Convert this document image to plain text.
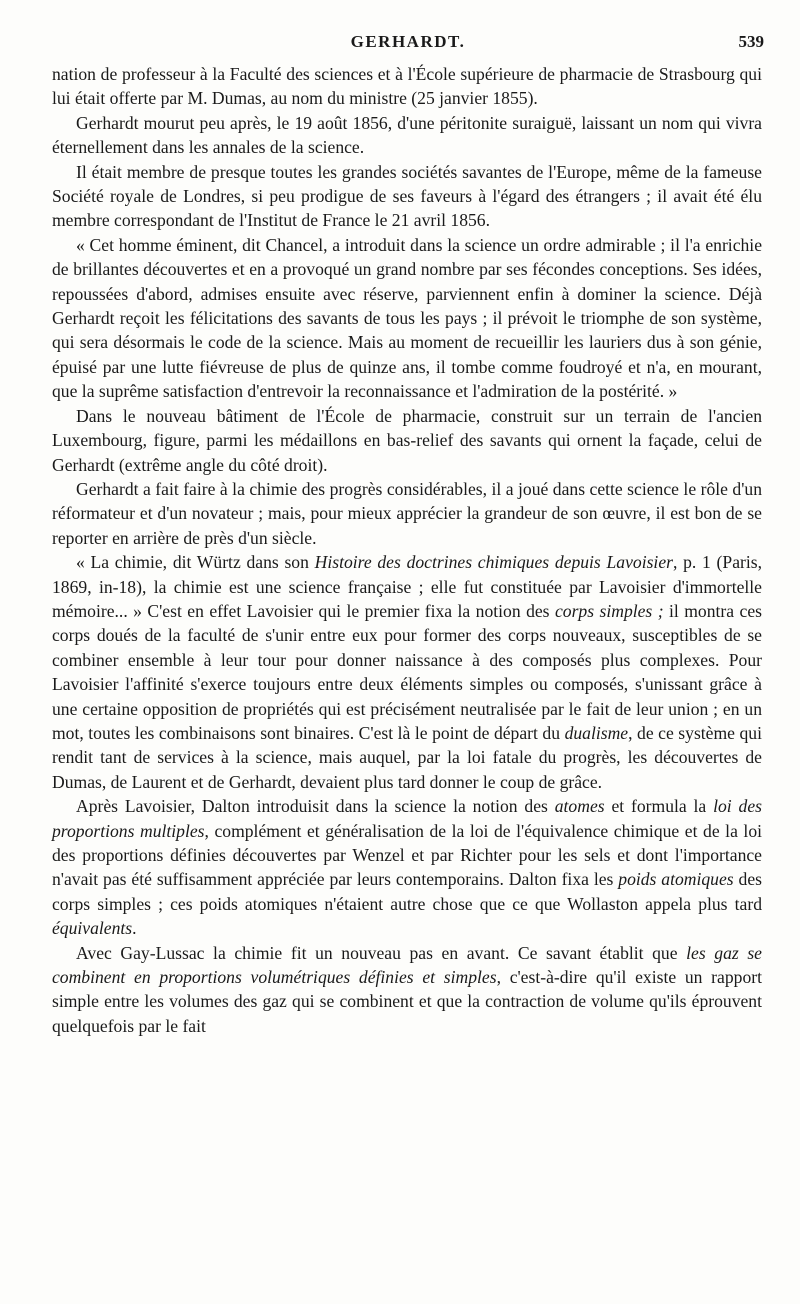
GERHARDT.	539

nation de professeur à la Faculté des sciences et à l'École supérieure de pharmacie de Strasbourg qui lui était offerte par M. Dumas, au nom du ministre (25 janvier 1855).

Gerhardt mourut peu après, le 19 août 1856, d'une péritonite suraiguë, laissant un nom qui vivra éternellement dans les annales de la science.

Il était membre de presque toutes les grandes sociétés savantes de l'Europe, même de la fameuse Société royale de Londres, si peu prodigue de ses faveurs à l'égard des étrangers ; il avait été élu membre correspondant de l'Institut de France le 21 avril 1856.

« Cet homme éminent, dit Chancel, a introduit dans la science un ordre admirable ; il l'a enrichie de brillantes découvertes et en a provoqué un grand nombre par ses fécondes conceptions. Ses idées, repoussées d'abord, admises ensuite avec réserve, parviennent enfin à dominer la science. Déjà Gerhardt reçoit les félicitations des savants de tous les pays ; il prévoit le triomphe de son système, qui sera désormais le code de la science. Mais au moment de recueillir les lauriers dus à son génie, épuisé par une lutte fiévreuse de plus de quinze ans, il tombe comme foudroyé et n'a, en mourant, que la suprême satisfaction d'entrevoir la reconnaissance et l'admiration de la postérité. »

Dans le nouveau bâtiment de l'École de pharmacie, construit sur un terrain de l'ancien Luxembourg, figure, parmi les médaillons en bas-relief des savants qui ornent la façade, celui de Gerhardt (extrême angle du côté droit).

Gerhardt a fait faire à la chimie des progrès considérables, il a joué dans cette science le rôle d'un réformateur et d'un novateur ; mais, pour mieux apprécier la grandeur de son œuvre, il est bon de se reporter en arrière de près d'un siècle.

« La chimie, dit Würtz dans son Histoire des doctrines chimiques depuis Lavoisier, p. 1 (Paris, 1869, in-18), la chimie est une science française ; elle fut constituée par Lavoisier d'immortelle mémoire... » C'est en effet Lavoisier qui le premier fixa la notion des corps simples ; il montra ces corps doués de la faculté de s'unir entre eux pour former des corps nouveaux, susceptibles de se combiner ensemble à leur tour pour donner naissance à des composés plus complexes. Pour Lavoisier l'affinité s'exerce toujours entre deux éléments simples ou composés, s'unissant grâce à une certaine opposition de propriétés qui est précisément neutralisée par le fait de leur union ; en un mot, toutes les combinaisons sont binaires. C'est là le point de départ du dualisme, de ce système qui rendit tant de services à la science, mais auquel, par la loi fatale du progrès, les découvertes de Dumas, de Laurent et de Gerhardt, devaient plus tard donner le coup de grâce.

Après Lavoisier, Dalton introduisit dans la science la notion des atomes et formula la loi des proportions multiples, complément et généralisation de la loi de l'équivalence chimique et de la loi des proportions définies découvertes par Wenzel et par Richter pour les sels et dont l'importance n'avait pas été suffisamment appréciée par leurs contemporains. Dalton fixa les poids atomiques des corps simples ; ces poids atomiques n'étaient autre chose que ce que Wollaston appela plus tard équivalents.

Avec Gay-Lussac la chimie fit un nouveau pas en avant. Ce savant établit que les gaz se combinent en proportions volumétriques définies et simples, c'est-à-dire qu'il existe un rapport simple entre les volumes des gaz qui se combinent et que la contraction de volume qu'ils éprouvent quelquefois par le fait
